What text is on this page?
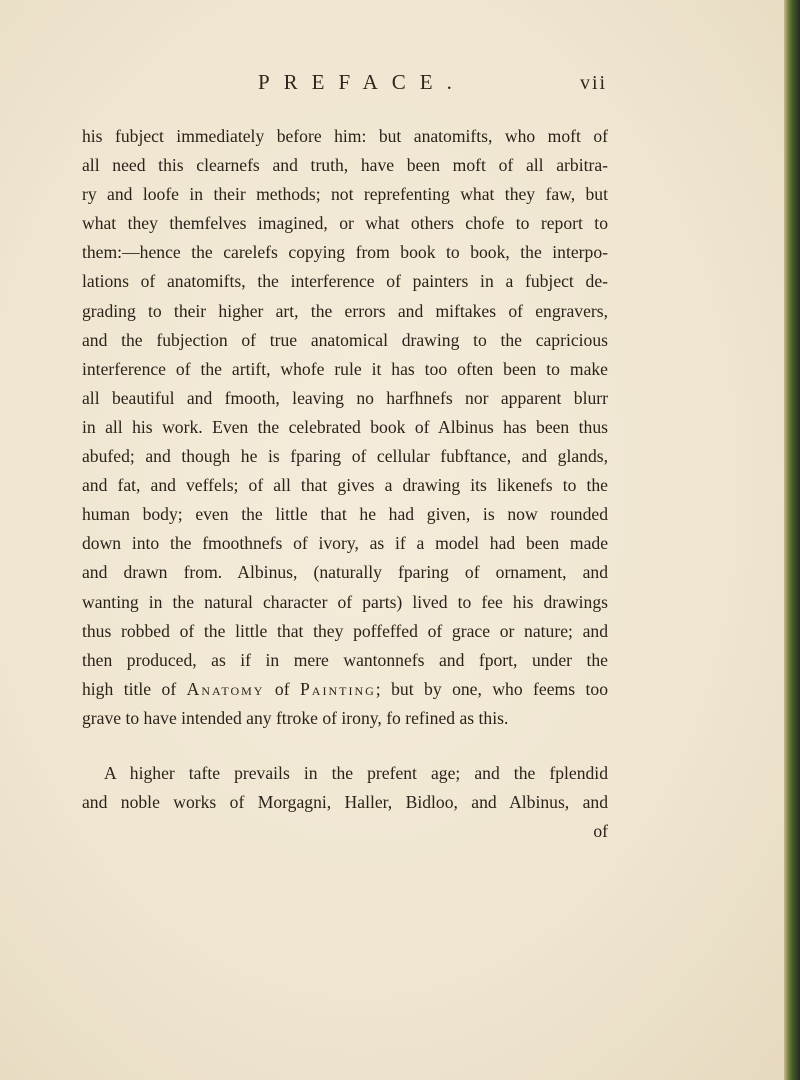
PREFACE.	vii
his fubject immediately before him: but anatomifts, who moft of
all need this clearnefs and truth, have been moft of all arbitra-
ry and loofe in their methods; not reprefenting what they faw, but
what they themfelves imagined, or what others chofe to report to
them:—hence the carelefs copying from book to book, the interpo-
lations of anatomifts, the interference of painters in a fubject de-
grading to their higher art, the errors and miftakes of engravers,
and the fubjection of true anatomical drawing to the capricious
interference of the artift, whofe rule it has too often been to make
all beautiful and fmooth, leaving no harfhnefs nor apparent blurr
in all his work. Even the celebrated book of Albinus has been thus
abufed; and though he is fparing of cellular fubftance, and glands,
and fat, and veffels; of all that gives a drawing its likenefs to the
human body; even the little that he had given, is now rounded
down into the fmoothnefs of ivory, as if a model had been made
and drawn from. Albinus, (naturally fparing of ornament, and
wanting in the natural character of parts) lived to fee his drawings
thus robbed of the little that they poffeffed of grace or nature; and
then produced, as if in mere wantonnefs and fport, under the
high title of Anatomy of Painting; but by one, who feems too
grave to have intended any ftroke of irony, fo refined as this.
A higher tafte prevails in the prefent age; and the fplendid
and noble works of Morgagni, Haller, Bidloo, and Albinus, and
of
